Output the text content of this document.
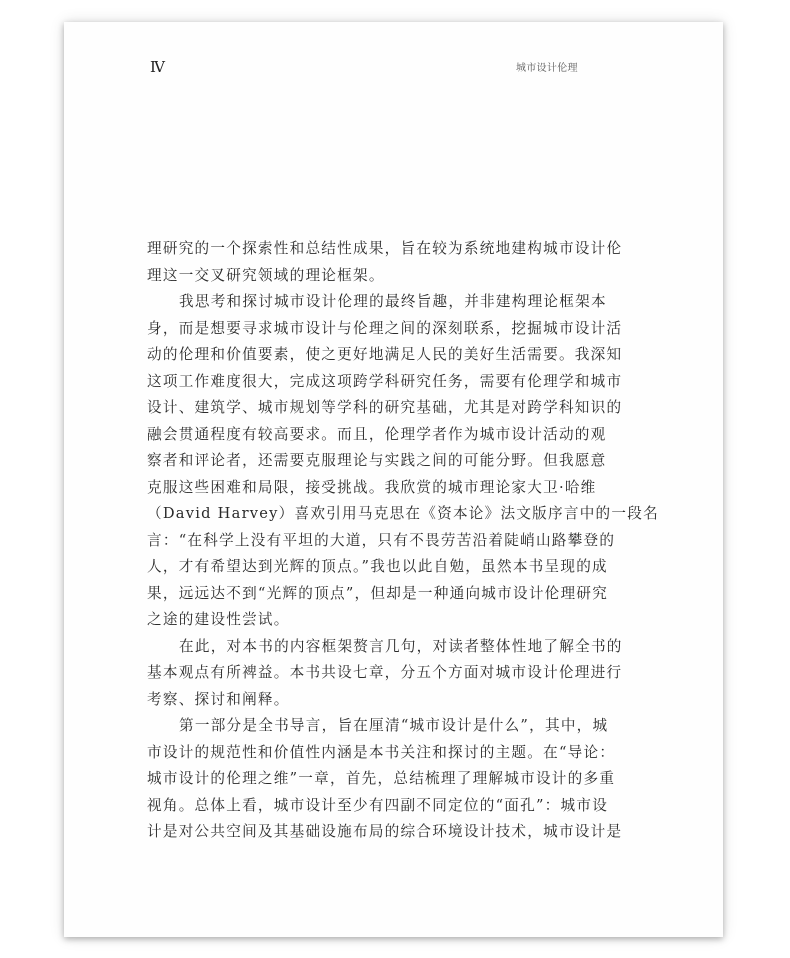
Ⅳ	城市设计伦理
理研究的一个探索性和总结性成果，旨在较为系统地建构城市设计伦
理这一交叉研究领域的理论框架。
我思考和探讨城市设计伦理的最终旨趣，并非建构理论框架本
身，而是想要寻求城市设计与伦理之间的深刻联系，挖掘城市设计活
动的伦理和价值要素，使之更好地满足人民的美好生活需要。我深知
这项工作难度很大，完成这项跨学科研究任务，需要有伦理学和城市
设计、建筑学、城市规划等学科的研究基础，尤其是对跨学科知识的
融会贯通程度有较高要求。而且，伦理学者作为城市设计活动的观
察者和评论者，还需要克服理论与实践之间的可能分野。但我愿意
克服这些困难和局限，接受挑战。我欣赏的城市理论家大卫·哈维
（David Harvey）喜欢引用马克思在《资本论》法文版序言中的一段名
言：“在科学上没有平坦的大道，只有不畏劳苦沿着陡峭山路攀登的
人，才有希望达到光辉的顶点。”我也以此自勉，虽然本书呈现的成
果，远远达不到“光辉的顶点”，但却是一种通向城市设计伦理研究
之途的建设性尝试。
在此，对本书的内容框架赘言几句，对读者整体性地了解全书的
基本观点有所裨益。本书共设七章，分五个方面对城市设计伦理进行
考察、探讨和阐释。
第一部分是全书导言，旨在厘清“城市设计是什么”，其中，城
市设计的规范性和价值性内涵是本书关注和探讨的主题。在“导论：
城市设计的伦理之维”一章，首先，总结梳理了理解城市设计的多重
视角。总体上看，城市设计至少有四副不同定位的“面孔”：城市设
计是对公共空间及其基础设施布局的综合环境设计技术，城市设计是
